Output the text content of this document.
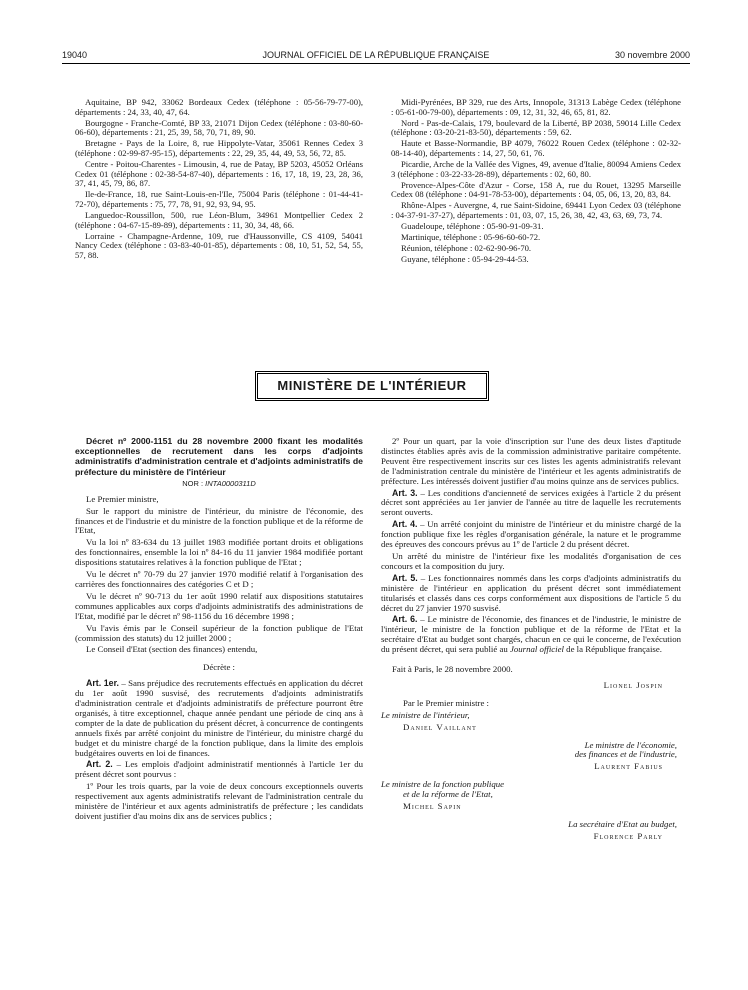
19040	JOURNAL OFFICIEL DE LA RÉPUBLIQUE FRANÇAISE	30 novembre 2000

Aquitaine, BP 942, 33062 Bordeaux Cedex (téléphone : 05-56-79-77-00), départements : 24, 33, 40, 47, 64.

Bourgogne - Franche-Comté, BP 33, 21071 Dijon Cedex (téléphone : 03-80-60-06-60), départements : 21, 25, 39, 58, 70, 71, 89, 90.

Bretagne - Pays de la Loire, 8, rue Hippolyte-Vatar, 35061 Rennes Cedex 3 (téléphone : 02-99-87-95-15), départements : 22, 29, 35, 44, 49, 53, 56, 72, 85.

Centre - Poitou-Charentes - Limousin, 4, rue de Patay, BP 5203, 45052 Orléans Cedex 01 (téléphone : 02-38-54-87-40), départements : 16, 17, 18, 19, 23, 28, 36, 37, 41, 45, 79, 86, 87.

Ile-de-France, 18, rue Saint-Louis-en-l'Ile, 75004 Paris (téléphone : 01-44-41-72-70), départements : 75, 77, 78, 91, 92, 93, 94, 95.

Languedoc-Roussillon, 500, rue Léon-Blum, 34961 Montpellier Cedex 2 (téléphone : 04-67-15-89-89), départements : 11, 30, 34, 48, 66.

Lorraine - Champagne-Ardenne, 109, rue d'Haussonville, CS 4109, 54041 Nancy Cedex (téléphone : 03-83-40-01-85), départements : 08, 10, 51, 52, 54, 55, 57, 88.

Midi-Pyrénées, BP 329, rue des Arts, Innopole, 31313 Labège Cedex (téléphone : 05-61-00-79-00), départements : 09, 12, 31, 32, 46, 65, 81, 82.

Nord - Pas-de-Calais, 179, boulevard de la Liberté, BP 2038, 59014 Lille Cedex (téléphone : 03-20-21-83-50), départements : 59, 62.

Haute et Basse-Normandie, BP 4079, 76022 Rouen Cedex (téléphone : 02-32-08-14-40), départements : 14, 27, 50, 61, 76.

Picardie, Arche de la Vallée des Vignes, 49, avenue d'Italie, 80094 Amiens Cedex 3 (téléphone : 03-22-33-28-89), départements : 02, 60, 80.

Provence-Alpes-Côte d'Azur - Corse, 158 A, rue du Rouet, 13295 Marseille Cedex 08 (téléphone : 04-91-78-53-00), départements : 04, 05, 06, 13, 20, 83, 84.

Rhône-Alpes - Auvergne, 4, rue Saint-Sidoine, 69441 Lyon Cedex 03 (téléphone : 04-37-91-37-27), départements : 01, 03, 07, 15, 26, 38, 42, 43, 63, 69, 73, 74.

Guadeloupe, téléphone : 05-90-91-09-31.

Martinique, téléphone : 05-96-60-60-72.

Réunion, téléphone : 02-62-90-96-70.

Guyane, téléphone : 05-94-29-44-53.

MINISTÈRE DE L'INTÉRIEUR

Décret nº 2000-1151 du 28 novembre 2000 fixant les modalités exceptionnelles de recrutement dans les corps d'adjoints administratifs d'administration centrale et d'adjoints administratifs de préfecture du ministère de l'intérieur

NOR : INTA0000311D

Le Premier ministre,

Sur le rapport du ministre de l'intérieur, du ministre de l'économie, des finances et de l'industrie et du ministre de la fonction publique et de la réforme de l'Etat,

Vu la loi nº 83-634 du 13 juillet 1983 modifiée portant droits et obligations des fonctionnaires, ensemble la loi nº 84-16 du 11 janvier 1984 modifiée portant dispositions statutaires relatives à la fonction publique de l'Etat ;

Vu le décret nº 70-79 du 27 janvier 1970 modifié relatif à l'organisation des carrières des fonctionnaires des catégories C et D ;

Vu le décret nº 90-713 du 1er août 1990 relatif aux dispositions statutaires communes applicables aux corps d'adjoints administratifs des administrations de l'Etat, modifié par le décret nº 98-1156 du 16 décembre 1998 ;

Vu l'avis émis par le Conseil supérieur de la fonction publique de l'Etat (commission des statuts) du 12 juillet 2000 ;

Le Conseil d'Etat (section des finances) entendu,

Décrète :

Art. 1er. – Sans préjudice des recrutements effectués en application du décret du 1er août 1990 susvisé, des recrutements d'adjoints administratifs d'administration centrale et d'adjoints administratifs de préfecture pourront être organisés, à titre exceptionnel, chaque année pendant une période de cinq ans à compter de la date de publication du présent décret, à concurrence de contingents annuels fixés par arrêté conjoint du ministre de l'intérieur, du ministre chargé du budget et du ministre chargé de la fonction publique, dans la limite des emplois budgétaires ouverts en loi de finances.

Art. 2. – Les emplois d'adjoint administratif mentionnés à l'article 1er du présent décret sont pourvus :

1º Pour les trois quarts, par la voie de deux concours exceptionnels ouverts respectivement aux agents administratifs relevant de l'administration centrale du ministère de l'intérieur et aux agents administratifs de préfecture ; les candidats doivent justifier d'au moins dix ans de services publics ;

2º Pour un quart, par la voie d'inscription sur l'une des deux listes d'aptitude distinctes établies après avis de la commission administrative paritaire compétente. Peuvent être respectivement inscrits sur ces listes les agents administratifs relevant de l'administration centrale du ministère de l'intérieur et les agents administratifs de préfecture. Les intéressés doivent justifier d'au moins quinze ans de services publics.

Art. 3. – Les conditions d'ancienneté de services exigées à l'article 2 du présent décret sont appréciées au 1er janvier de l'année au titre de laquelle les recrutements seront ouverts.

Art. 4. – Un arrêté conjoint du ministre de l'intérieur et du ministre chargé de la fonction publique fixe les règles d'organisation générale, la nature et le programme des épreuves des concours prévus au 1º de l'article 2 du présent décret.

Un arrêté du ministre de l'intérieur fixe les modalités d'organisation de ces concours et la composition du jury.

Art. 5. – Les fonctionnaires nommés dans les corps d'adjoints administratifs du ministère de l'intérieur en application du présent décret sont immédiatement titularisés et classés dans ces corps conformément aux dispositions de l'article 5 du décret du 27 janvier 1970 susvisé.

Art. 6. – Le ministre de l'économie, des finances et de l'industrie, le ministre de l'intérieur, le ministre de la fonction publique et de la réforme de l'Etat et la secrétaire d'Etat au budget sont chargés, chacun en ce qui le concerne, de l'exécution du présent décret, qui sera publié au Journal officiel de la République française.

Fait à Paris, le 28 novembre 2000.

Lionel Jospin

Par le Premier ministre :

Le ministre de l'intérieur,
Daniel Vaillant
Le ministre de l'économie,
des finances et de l'industrie,
Laurent Fabius
Le ministre de la fonction publique
et de la réforme de l'Etat,
Michel Sapin
La secrétaire d'Etat au budget,
Florence Parly
